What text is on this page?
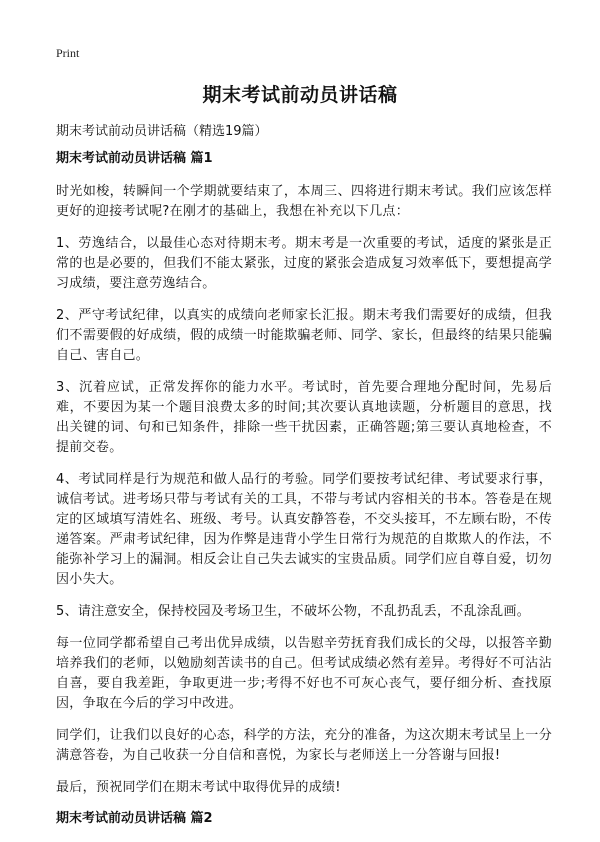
Print
期末考试前动员讲话稿

期末考试前动员讲话稿（精选19篇）

期末考试前动员讲话稿 篇1

时光如梭，转瞬间一个学期就要结束了，本周三、四将进行期末考试。我们应该怎样更好的迎接考试呢?在刚才的基础上，我想在补充以下几点：

1、劳逸结合，以最佳心态对待期末考。期末考是一次重要的考试，适度的紧张是正常的也是必要的，但我们不能太紧张，过度的紧张会造成复习效率低下，要想提高学习成绩，要注意劳逸结合。

2、严守考试纪律，以真实的成绩向老师家长汇报。期末考我们需要好的成绩，但我们不需要假的好成绩，假的成绩一时能欺骗老师、同学、家长，但最终的结果只能骗自己、害自己。

3、沉着应试，正常发挥你的能力水平。考试时，首先要合理地分配时间，先易后难，不要因为某一个题目浪费太多的时间;其次要认真地读题，分析题目的意思，找出关键的词、句和已知条件，排除一些干扰因素，正确答题;第三要认真地检查，不提前交卷。

4、考试同样是行为规范和做人品行的考验。同学们要按考试纪律、考试要求行事，诚信考试。进考场只带与考试有关的工具，不带与考试内容相关的书本。答卷是在规定的区域填写清姓名、班级、考号。认真安静答卷，不交头接耳，不左顾右盼，不传递答案。严肃考试纪律，因为作弊是违背小学生日常行为规范的自欺欺人的作法，不能弥补学习上的漏洞。相反会让自己失去诚实的宝贵品质。同学们应自尊自爱，切勿因小失大。

5、请注意安全，保持校园及考场卫生，不破坏公物，不乱扔乱丢，不乱涂乱画。

每一位同学都希望自己考出优异成绩，以告慰辛劳抚育我们成长的父母，以报答辛勤培养我们的老师，以勉励刻苦读书的自己。但考试成绩必然有差异。考得好不可沾沾自喜，要自我差距，争取更进一步;考得不好也不可灰心丧气，要仔细分析、查找原因，争取在今后的学习中改进。

同学们，让我们以良好的心态，科学的方法，充分的准备，为这次期末考试呈上一分满意答卷，为自己收获一分自信和喜悦，为家长与老师送上一分答谢与回报!

最后，预祝同学们在期末考试中取得优异的成绩!

期末考试前动员讲话稿 篇2
